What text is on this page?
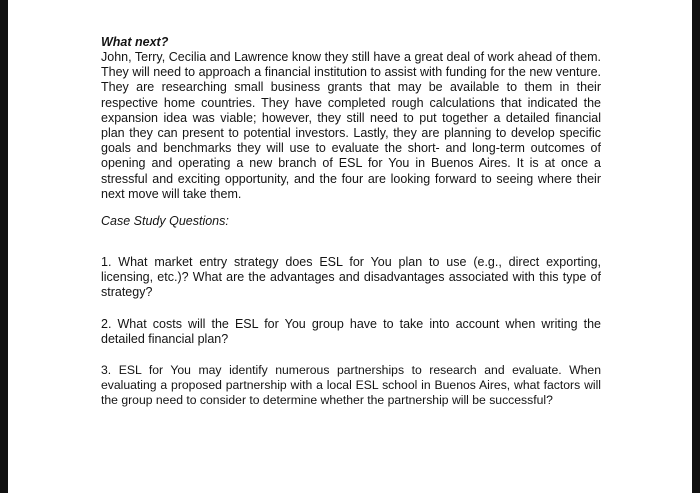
What next?

John, Terry, Cecilia and Lawrence know they still have a great deal of work ahead of them. They will need to approach a financial institution to assist with funding for the new venture. They are researching small business grants that may be available to them in their respective home countries. They have completed rough calculations that indicated the expansion idea was viable; however, they still need to put together a detailed financial plan they can present to potential investors. Lastly, they are planning to develop specific goals and benchmarks they will use to evaluate the short- and long-term outcomes of opening and operating a new branch of ESL for You in Buenos Aires. It is at once a stressful and exciting opportunity, and the four are looking forward to seeing where their next move will take them.

Case Study Questions:

1. What market entry strategy does ESL for You plan to use (e.g., direct exporting, licensing, etc.)? What are the advantages and disadvantages associated with this type of strategy?

2. What costs will the ESL for You group have to take into account when writing the detailed financial plan?

3. ESL for You may identify numerous partnerships to research and evaluate. When evaluating a proposed partnership with a local ESL school in Buenos Aires, what factors will the group need to consider to determine whether the partnership will be successful?
